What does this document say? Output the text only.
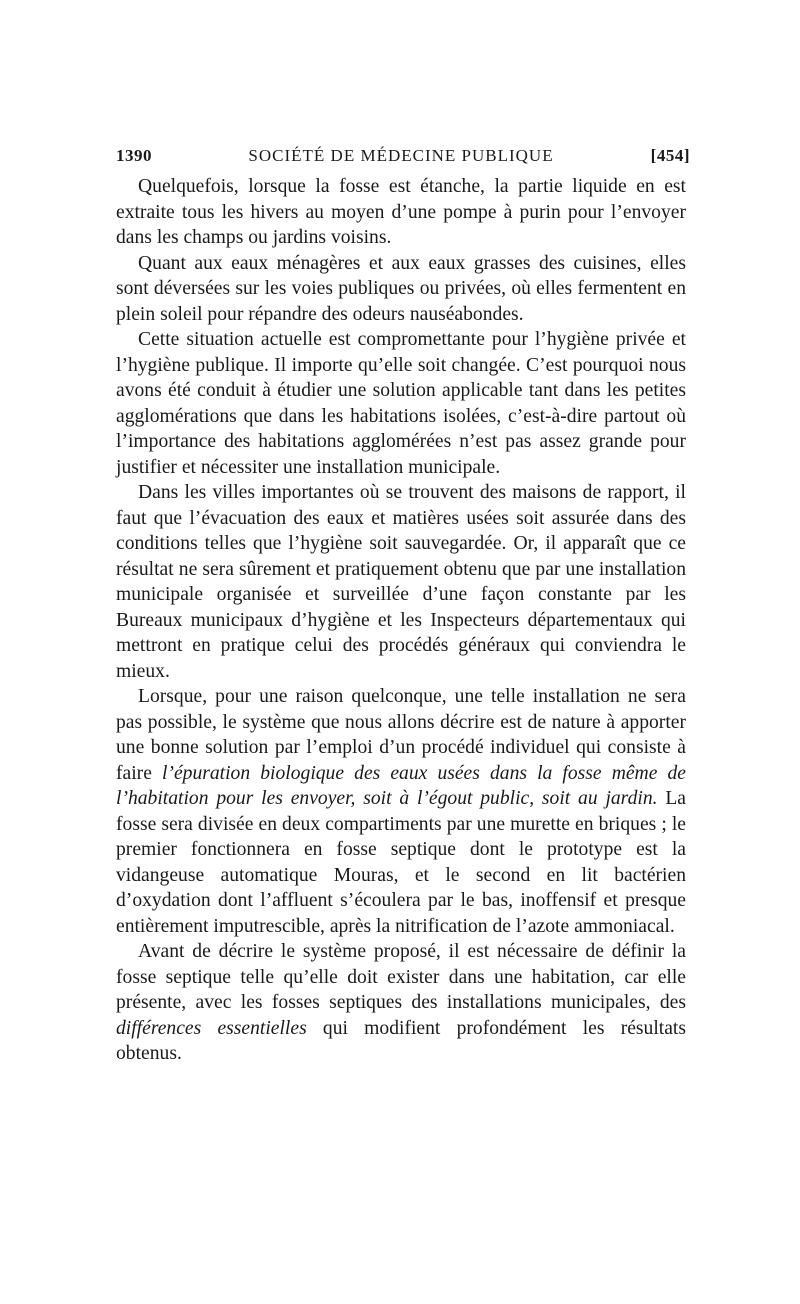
1390	SOCIÉTÉ DE MÉDECINE PUBLIQUE	[454]

Quelquefois, lorsque la fosse est étanche, la partie liquide en est extraite tous les hivers au moyen d’une pompe à purin pour l’envoyer dans les champs ou jardins voisins.

Quant aux eaux ménagères et aux eaux grasses des cuisines, elles sont déversées sur les voies publiques ou privées, où elles fermentent en plein soleil pour répandre des odeurs nauséabondes.

Cette situation actuelle est compromettante pour l’hygiène privée et l’hygiène publique. Il importe qu’elle soit changée. C’est pourquoi nous avons été conduit à étudier une solution applicable tant dans les petites agglomérations que dans les habitations isolées, c’est-à-dire partout où l’importance des habitations agglomérées n’est pas assez grande pour justifier et nécessiter une installation municipale.

Dans les villes importantes où se trouvent des maisons de rapport, il faut que l’évacuation des eaux et matières usées soit assurée dans des conditions telles que l’hygiène soit sauvegardée. Or, il apparaît que ce résultat ne sera sûrement et pratiquement obtenu que par une installation municipale organisée et surveillée d’une façon constante par les Bureaux municipaux d’hygiène et les Inspecteurs départementaux qui mettront en pratique celui des procédés généraux qui conviendra le mieux.

Lorsque, pour une raison quelconque, une telle installation ne sera pas possible, le système que nous allons décrire est de nature à apporter une bonne solution par l’emploi d’un procédé individuel qui consiste à faire l’épuration biologique des eaux usées dans la fosse même de l’habitation pour les envoyer, soit à l’égout public, soit au jardin. La fosse sera divisée en deux compartiments par une murette en briques ; le premier fonctionnera en fosse septique dont le prototype est la vidangeuse automatique Mouras, et le second en lit bactérien d’oxydation dont l’affluent s’écoulera par le bas, inoffensif et presque entièrement imputrescible, après la nitrification de l’azote ammoniacal.

Avant de décrire le système proposé, il est nécessaire de définir la fosse septique telle qu’elle doit exister dans une habitation, car elle présente, avec les fosses septiques des installations municipales, des différences essentielles qui modifient profondément les résultats obtenus.
